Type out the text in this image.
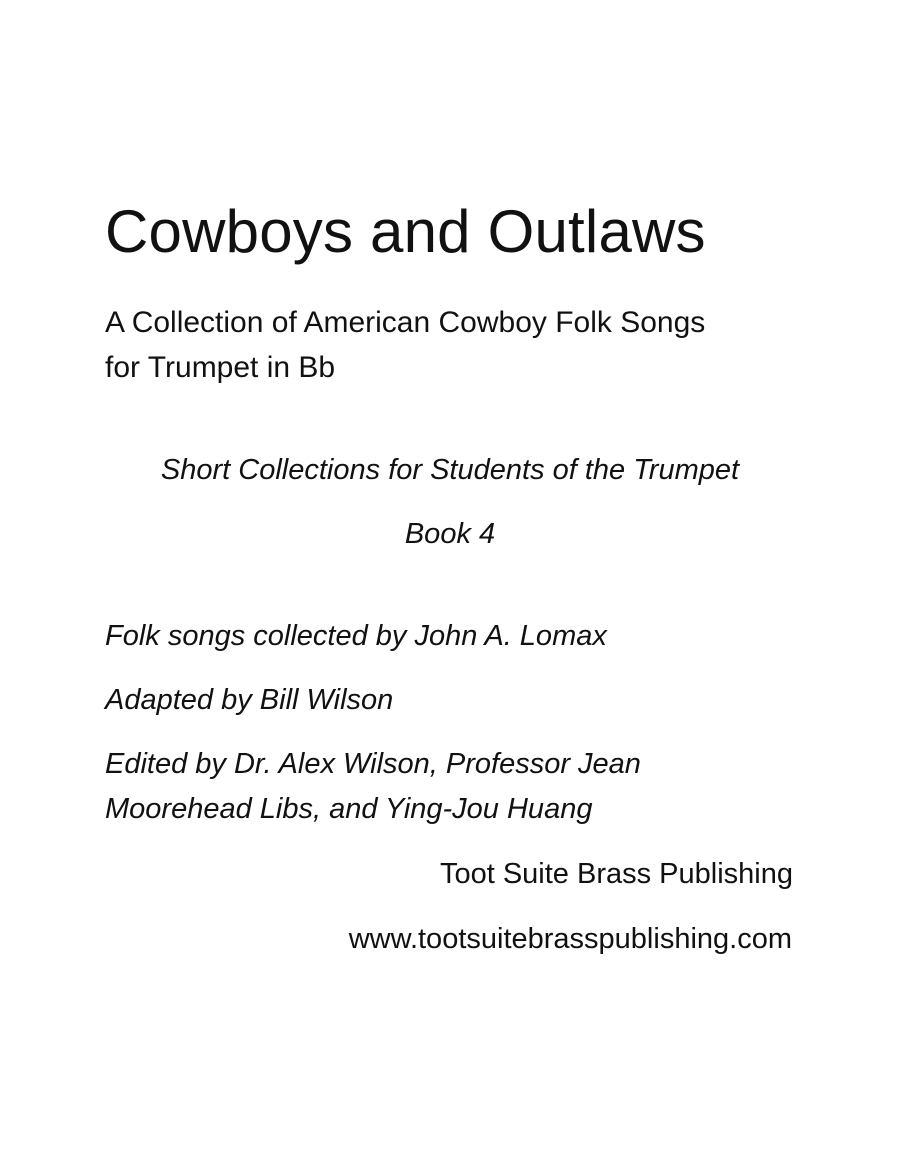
Cowboys and Outlaws

A Collection of American Cowboy Folk Songs
for Trumpet in Bb

Short Collections for Students of the Trumpet

Book 4

Folk songs collected by John A. Lomax

Adapted by Bill Wilson

Edited by Dr. Alex Wilson, Professor Jean
Moorehead Libs, and Ying-Jou Huang

Toot Suite Brass Publishing

www.tootsuitebrasspublishing.com
